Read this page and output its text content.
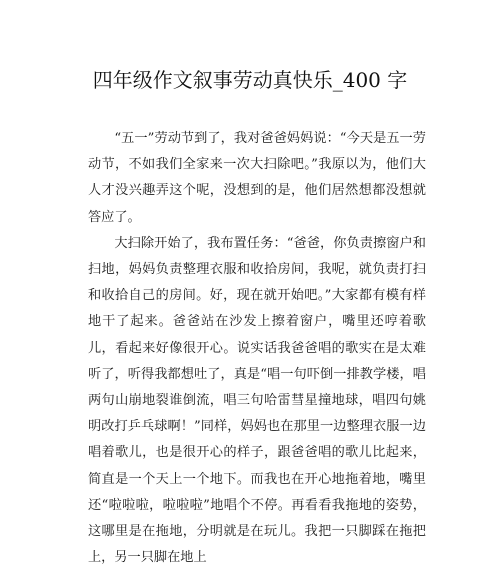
四年级作文叙事劳动真快乐_400 字

“五一”劳动节到了，我对爸爸妈妈说：“今天是五一劳动节，不如我们全家来一次大扫除吧。”我原以为，他们大人才没兴趣弄这个呢，没想到的是，他们居然想都没想就答应了。

大扫除开始了，我布置任务：“爸爸，你负责擦窗户和扫地，妈妈负责整理衣服和收拾房间，我呢，就负责打扫和收拾自己的房间。好，现在就开始吧。”大家都有模有样地干了起来。爸爸站在沙发上擦着窗户，嘴里还哼着歌儿，看起来好像很开心。说实话我爸爸唱的歌实在是太难听了，听得我都想吐了，真是“唱一句吓倒一排教学楼，唱两句山崩地裂谁倒流，唱三句哈雷彗星撞地球，唱四句姚明改打乒乓球啊！”同样，妈妈也在那里一边整理衣服一边唱着歌儿，也是很开心的样子，跟爸爸唱的歌儿比起来，简直是一个天上一个地下。而我也在开心地拖着地，嘴里还“啦啦啦，啦啦啦”地唱个不停。再看看我拖地的姿势，这哪里是在拖地，分明就是在玩儿。我把一只脚踩在拖把上，另一只脚在地上
